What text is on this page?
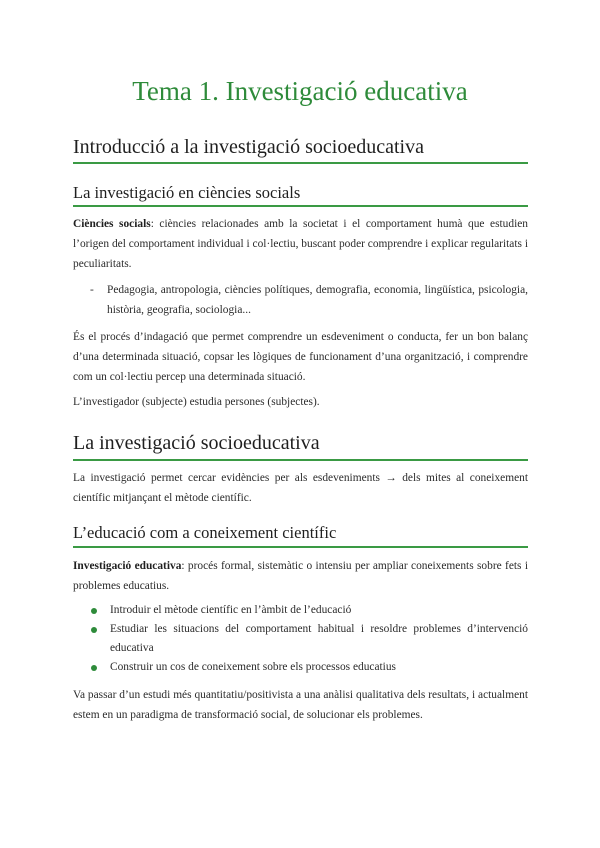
Tema 1. Investigació educativa
Introducció a la investigació socioeducativa
La investigació en ciències socials
Ciències socials: ciències relacionades amb la societat i el comportament humà que estudien l’origen del comportament individual i col·lectiu, buscant poder comprendre i explicar regularitats i peculiaritats.
- Pedagogia, antropologia, ciències polítiques, demografia, economia, lingüística, psicologia, història, geografia, sociologia...
És el procés d’indagació que permet comprendre un esdeveniment o conducta, fer un bon balanç d’una determinada situació, copsar les lògiques de funcionament d’una organització, i comprendre com un col·lectiu percep una determinada situació.
L’investigador (subjecte) estudia persones (subjectes).
La investigació socioeducativa
La investigació permet cercar evidències per als esdeveniments → dels mites al coneixement científic mitjançant el mètode científic.
L’educació com a coneixement científic
Investigació educativa: procés formal, sistemàtic o intensiu per ampliar coneixements sobre fets i problemes educatius.
Introduir el mètode científic en l’àmbit de l’educació
Estudiar les situacions del comportament habitual i resoldre problemes d’intervenció educativa
Construir un cos de coneixement sobre els processos educatius
Va passar d’un estudi més quantitatiu/positivista a una anàlisi qualitativa dels resultats, i actualment estem en un paradigma de transformació social, de solucionar els problemes.
